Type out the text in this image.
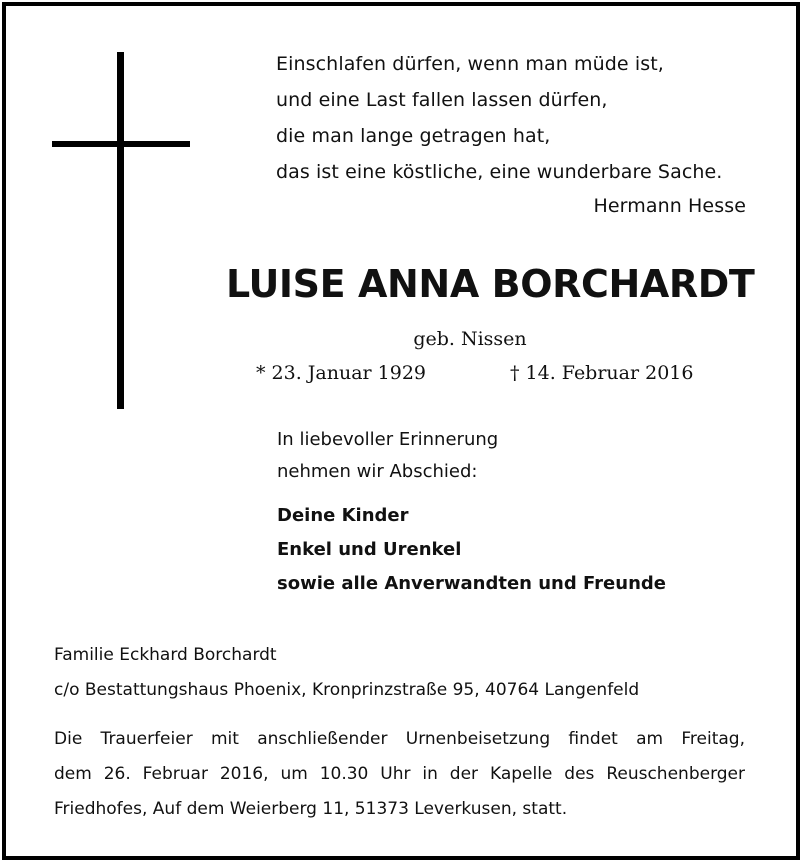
Einschlafen dürfen, wenn man müde ist,
und eine Last fallen lassen dürfen,
die man lange getragen hat,
das ist eine köstliche, eine wunderbare Sache.
Hermann Hesse
LUISE ANNA BORCHARDT
geb. Nissen
* 23. Januar 1929	† 14. Februar 2016
In liebevoller Erinnerung
nehmen wir Abschied:
Deine Kinder
Enkel und Urenkel
sowie alle Anverwandten und Freunde
Familie Eckhard Borchardt
c/o Bestattungshaus Phoenix, Kronprinzstraße 95, 40764 Langenfeld
Die Trauerfeier mit anschließender Urnenbeisetzung findet am Freitag,
dem 26. Februar 2016, um 10.30 Uhr in der Kapelle des Reuschenberger
Friedhofes, Auf dem Weierberg 11, 51373 Leverkusen, statt.
